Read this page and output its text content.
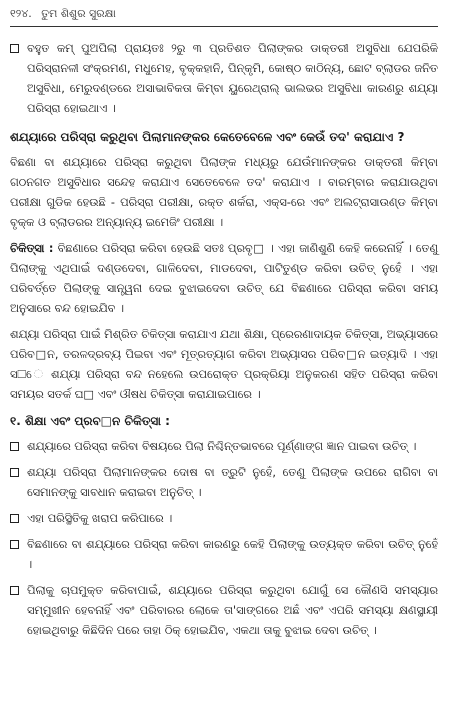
୧୨୪. ତୁମ ଶିଶୁର ସୁରକ୍ଷା
ବହୁତ କମ୍ ପୁଅପିଲା ପ୍ରାୟତଃ ୨ରୁ ୩ ପ୍ରତିଶତ ପିଲାଙ୍କର ଡାକ୍ତରୀ ଅସୁବିଧା ଯେପରିକି ପରିସ୍ରାନଳୀ ସଂକ୍ରମଣ, ମଧୁମେହ, ବୃକ୍କହାନି, ପିନ୍‌କୃମି, କୋଷ୍ଠ କାଠିନ୍ୟ, ଛୋଟ ବ୍ଲାଡର ଜନିତ ଅସୁବିଧା, ମେରୁଦଣ୍ଡରେ ଅସାଭାବିକତା କିମ୍ବା ୟୁରେଥ୍ରାଲ୍ ଭାଲଭର ଅସୁବିଧା କାରଣରୁ ଶଯ୍ୟା ପରିସ୍ରା ହୋଇଥାଏ ।
ଶଯ୍ୟାରେ ପରିସ୍ରା କରୁଥିବା ପିଲାମାନଙ୍କର କେତେବେଳେ ଏବଂ କେଉଁ ତଦ' କରାଯାଏ ?

ବିଛଣା ବା ଶଯ୍ୟାରେ ପରିସ୍ରା କରୁଥିବା ପିଲାଙ୍କ ମଧ୍ୟରୁ ଯେଉଁମାନଙ୍କର ଡାକ୍ତରୀ କିମ୍ବା ଗଠନଗତ ଅସୁବିଧାର ସନ୍ଦେହ କରାଯାଏ ସେତେବେଳେ ତଦ' କରାଯାଏ । ବାରମ୍ବାର କରାଯାଉଥିବା ପରୀକ୍ଷା ଗୁଡିକ ହେଉଛି - ପରିସ୍ରା ପରୀକ୍ଷା, ରକ୍ତ ଶର୍କରା, ଏକ୍ସ-ରେ ଏବଂ ଅଲଟ୍ରାସାଉଣ୍ଡ କିମ୍ବା ବୃକ୍କ ଓ ବ୍ଲାଡରର ଅନ୍ୟାନ୍ୟ ଇମେଜିଂ ପରୀକ୍ଷା ।

ଚିକିତ୍ସା : ବିଛଣାରେ ପରିସ୍ରା କରିବା ହେଉଛି ସତଃ ପ୍ରବୃ□ । ଏହା ଜାଣିଶୁଣି କେହି କରେନାହିଁ । ତେଣୁ ପିଲାଙ୍କୁ ଏଥିପାଇଁ ଦଣ୍ଡଦେବା, ଗାଳିଦେବା, ମାଡଦେବା, ପାଟିତୁଣ୍ଡ କରିବା ଉଚିତ୍ ନୁହେଁ । ଏହା ପରିବର୍ତ୍ତେ ପିଲାଙ୍କୁ ସାନ୍ତ୍ୱନା ଦେଇ ବୁଝାଇଦେବା ଉଚିତ୍ ଯେ ବିଛଣାରେ ପରିସ୍ରା କରିବା ସମୟ ଅନୁସାରେ ବନ୍ଦ ହୋଇଯିବ ।

ଶଯ୍ୟା ପରିସ୍ରା ପାଇଁ ମିଶ୍ରିତ ଚିକିତ୍ସା କରାଯାଏ ଯଥା ଶିକ୍ଷା, ପ୍ରେରଣାଦାୟକ ଚିକିତ୍ସା, ଅଭ୍ୟାସରେ ପରିବ□ନ, ତରଳଦ୍ରବ୍ୟ ପିଇବା ଏବଂ ମୂତ୍ରତ୍ୟାଗ କରିବା ଅଭ୍ୟାସର ପରିବ□ନ ଇତ୍ୟାଦି । ଏହା ସ□େ ଶଯ୍ୟା ପରିସ୍ରା ବନ୍ଦ ନହେଲେ ଉପରୋକ୍ତ ପ୍ରକ୍ରିୟା ଅନୁକରଣ ସହିତ ପରିସ୍ରା କରିବା ସମୟର ସତର୍କ ଘ□ ଏବଂ ଔଷଧ ଚିକିତ୍ସା କରାଯାଇପାରେ ।

୧. ଶିକ୍ଷା ଏବଂ ପ୍ରବ□ନ ଚିକିତ୍ସା :
ଶଯ୍ୟାରେ ପରିସ୍ରା କରିବା ବିଷୟରେ ପିଲା ନିଶ୍ଚିନ୍ତଭାବରେ ପୂର୍ଣ୍ଣାଙ୍ଗ ଜ୍ଞାନ ପାଇବା ଉଚିତ୍ ।
ଶଯ୍ୟା ପରିସ୍ରା ପିଲାମାନଙ୍କର ଦୋଷ ବା ତ୍ରୁଟି ନୁହେଁ, ତେଣୁ ପିଲାଙ୍କ ଉପରେ ରାଗିବା ବା ସେମାନଙ୍କୁ ସାବଧାନ କରାଇବା ଅନୁଚିତ୍ ।
ଏହା ପରିସ୍ଥିତିକୁ ଖରାପ କରିପାରେ ।
ବିଛଣାରେ ବା ଶଯ୍ୟାରେ ପରିସ୍ରା କରିବା କାରଣରୁ କେହି ପିଲାଙ୍କୁ ଉତ୍ୟକ୍ତ କରିବା ଉଚିତ୍ ନୁହେଁ ।
ପିଲାକୁ ଚାପମୁକ୍ତ କରିବାପାଇଁ, ଶଯ୍ୟାରେ ପରିସ୍ରା କରୁଥିବା ଯୋଗୁଁ ସେ କୌଣସି ସମସ୍ୟାର ସମ୍ମୁଖୀନ ହେବନାହିଁ ଏବଂ ପରିବାରର ଲୋକେ ତା'ସାଙ୍ଗରେ ଅଛଁ ଏବଂ ଏପରି ସମସ୍ୟା କ୍ଷଣସ୍ଥାୟୀ ହୋଇଥିବାରୁ କିଛିଦିନ ପରେ ତାହା ଠିକ୍ ହୋଇଯିବ, ଏକଥା ତାକୁ ବୁଝାଇ ଦେବା ଉଚିତ୍ ।
